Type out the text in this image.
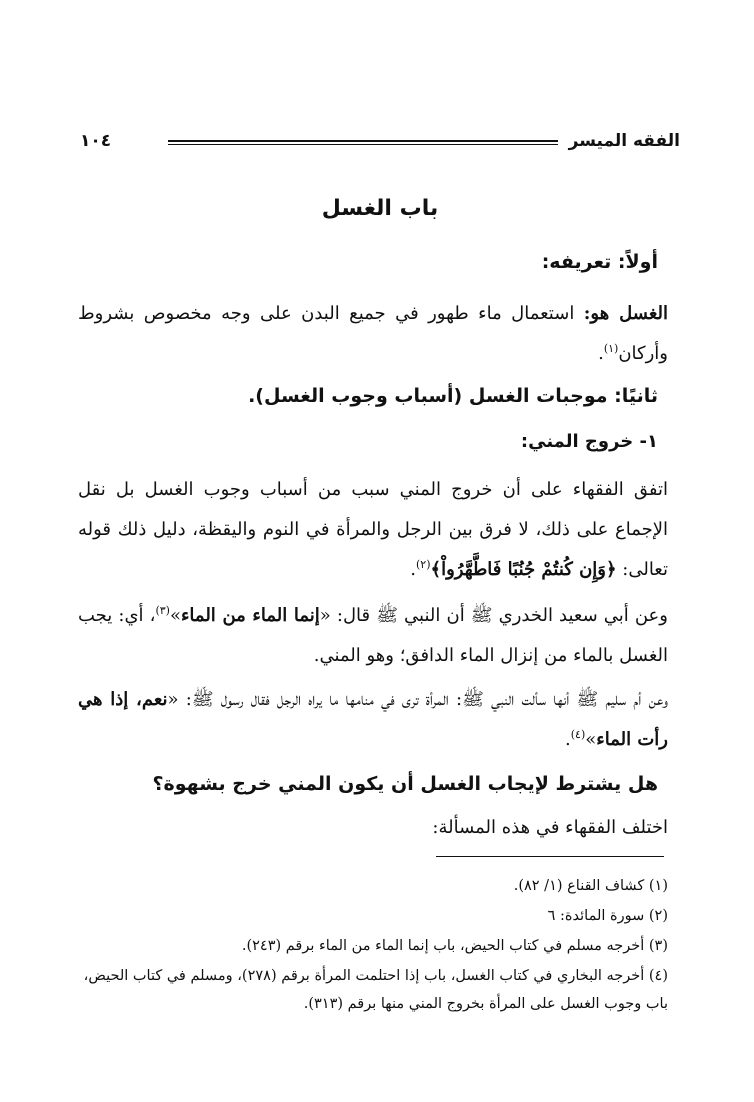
الفقه الميسر
١٠٤
باب الغسل
أولاً: تعريفه:
الغسل هو: استعمال ماء طهور في جميع البدن على وجه مخصوص بشروط وأركان$^{(١)}$.
ثانيًا: موجبات الغسل (أسباب وجوب الغسل).
١- خروج المني:
اتفق الفقهاء على أن خروج المني سبب من أسباب وجوب الغسل بل نقل الإجماع على ذلك، لا فرق بين الرجل والمرأة في النوم واليقظة، دليل ذلك قوله تعالى: ﴿وَإِن كُنتُمْ جُنُبًا فَاطَّهَّرُواْ﴾$^{(٢)}$.
وعن أبي سعيد الخدري ﷺ أن النبي ﷺ قال: «إنما الماء من الماء»$^{(٣)}$، أي: يجب الغسل بالماء من إنزال الماء الدافق؛ وهو المني.
وعن أم سليم ﷺ أنها سألت النبي ﷺ: المرأة ترى في منامها ما يراه الرجل فقال رسول ﷺ: «نعم، إذا هي رأت الماء»$^{(٤)}$.
هل يشترط لإيجاب الغسل أن يكون المني خرج بشهوة؟
اختلف الفقهاء في هذه المسألة:
(١) كشاف القناع (١/ ٨٢).
(٢) سورة المائدة: ٦
(٣) أخرجه مسلم في كتاب الحيض، باب إنما الماء من الماء برقم (٢٤٣).
(٤) أخرجه البخاري في كتاب الغسل، باب إذا احتلمت المرأة برقم (٢٧٨)، ومسلم في كتاب الحيض، باب وجوب الغسل على المرأة بخروج المني منها برقم (٣١٣).
